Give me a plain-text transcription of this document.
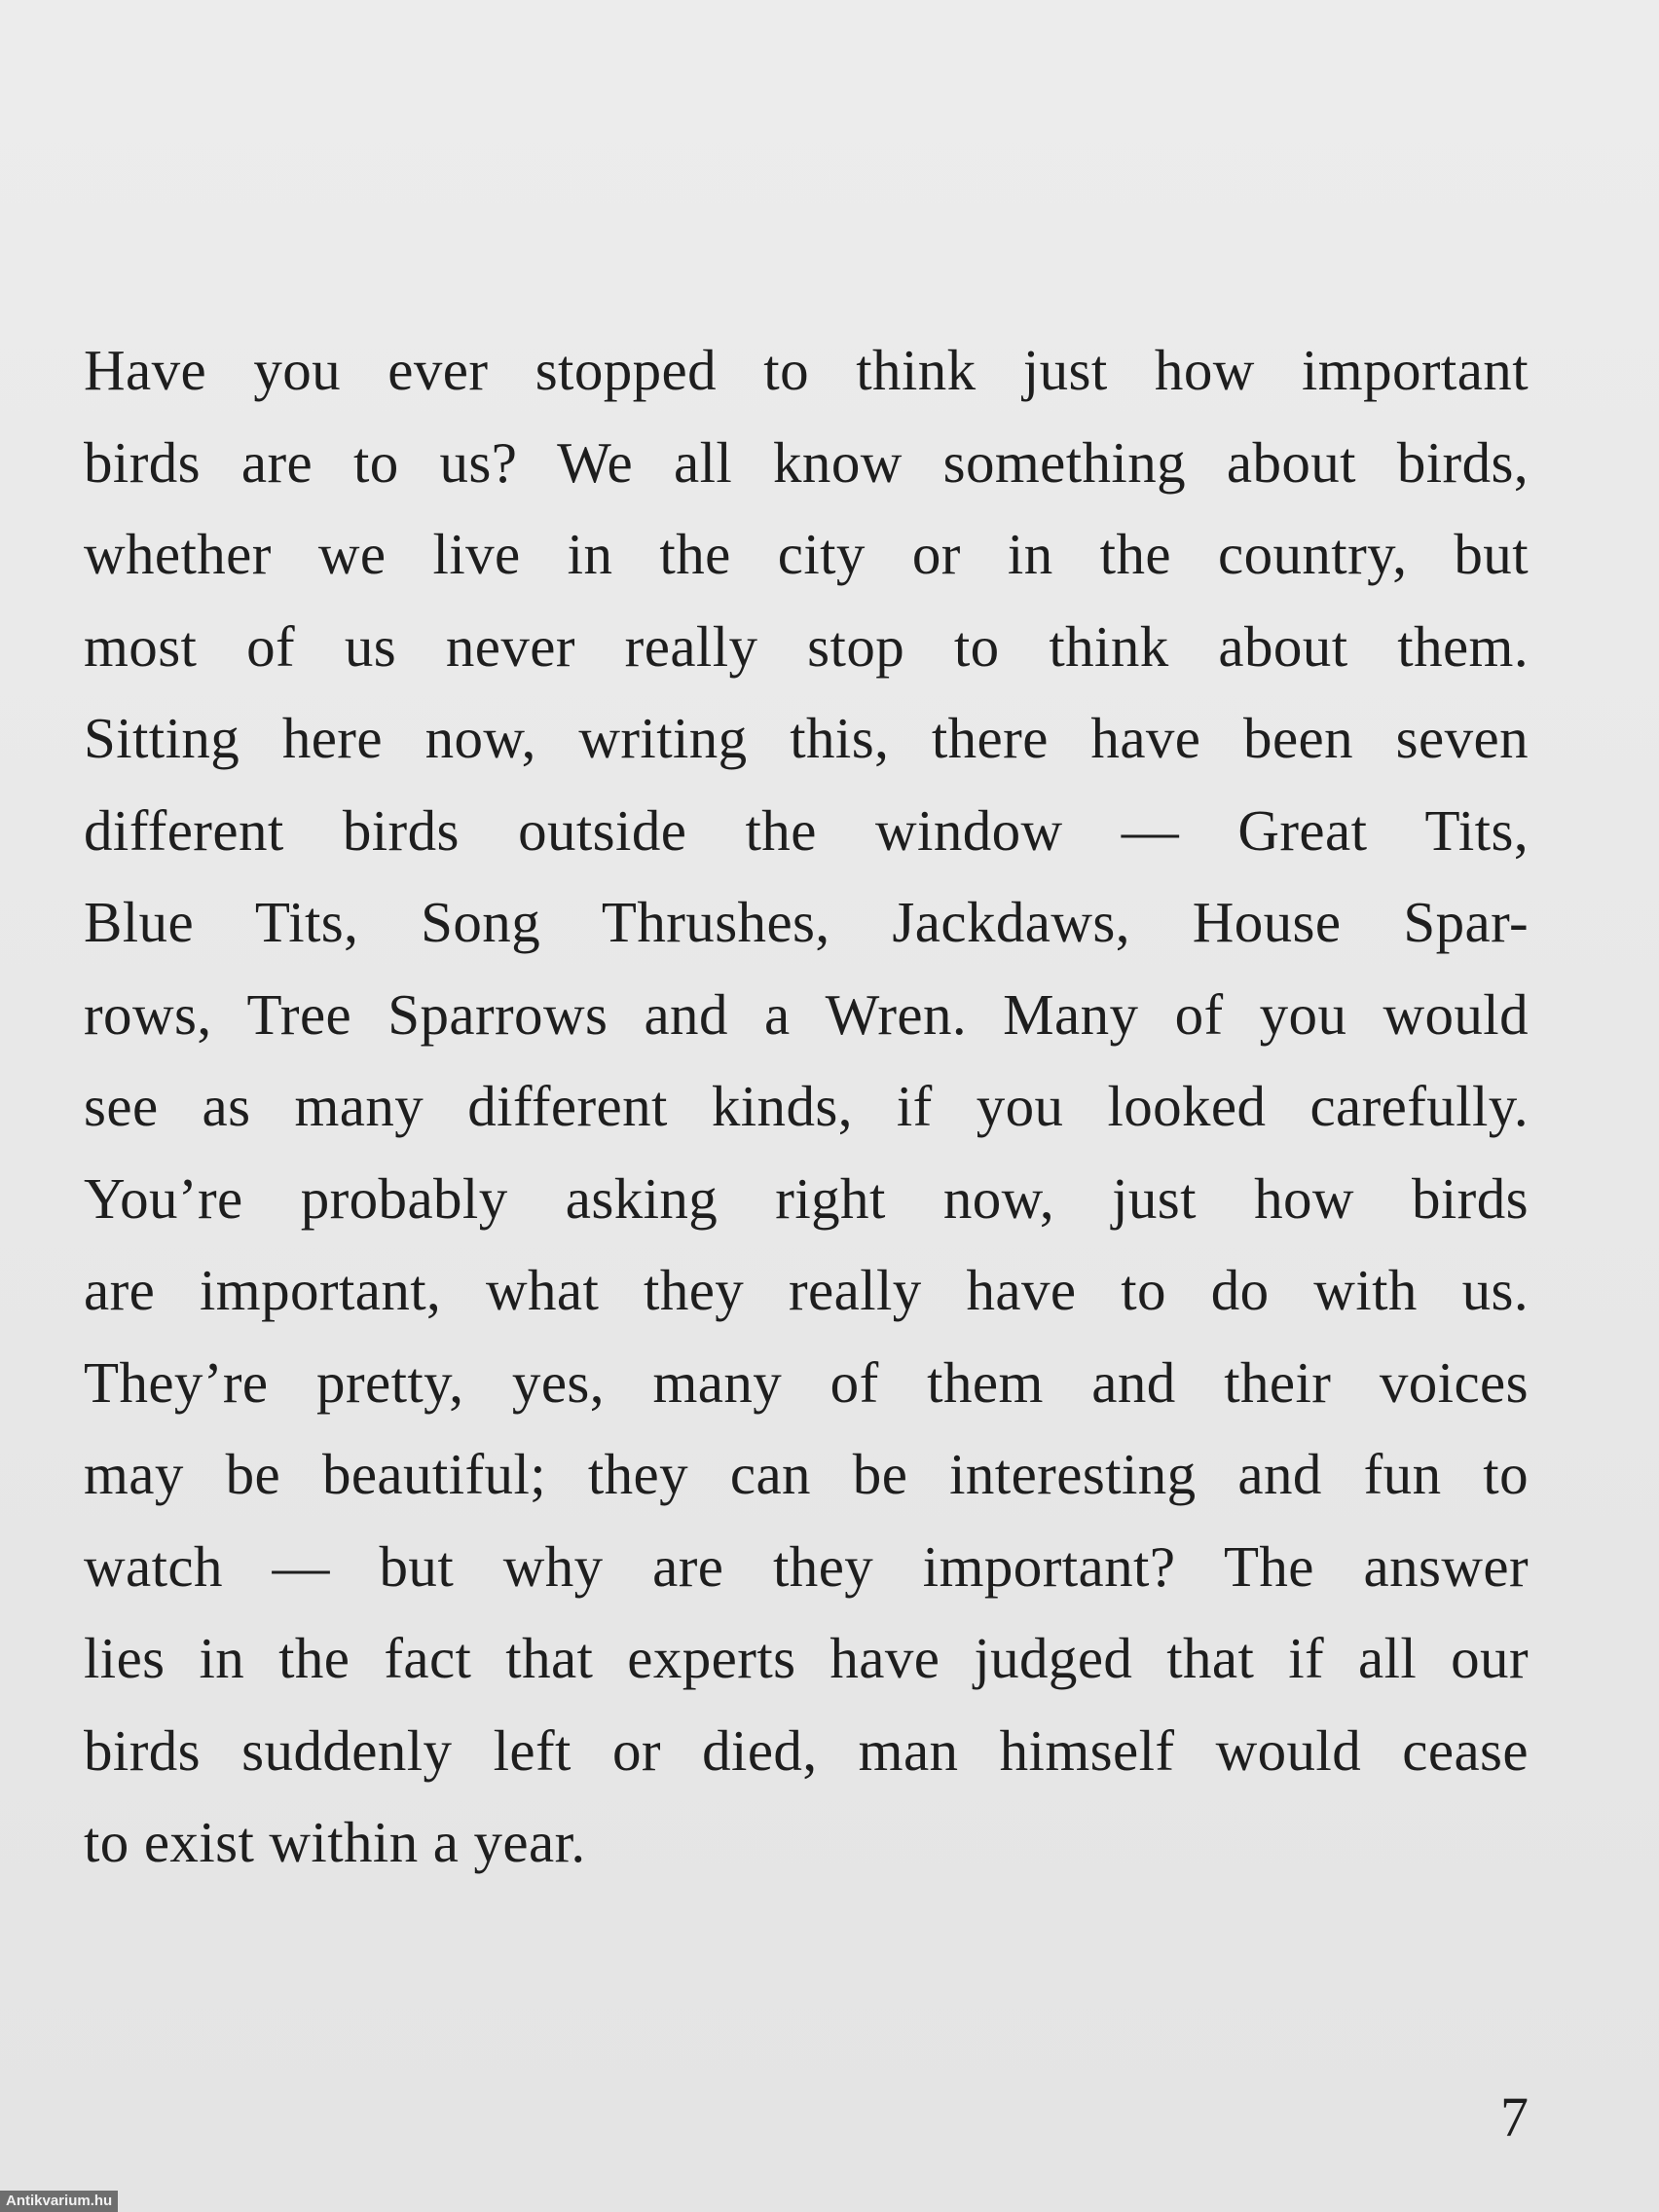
Have you ever stopped to think just how important
birds are to us? We all know something about birds,
whether we live in the city or in the country, but
most of us never really stop to think about them.
Sitting here now, writing this, there have been seven
different birds outside the window — Great Tits,
Blue Tits, Song Thrushes, Jackdaws, House Spar-
rows, Tree Sparrows and a Wren. Many of you would
see as many different kinds, if you looked carefully.
You’re probably asking right now, just how birds
are important, what they really have to do with us.
They’re pretty, yes, many of them and their voices
may be beautiful; they can be interesting and fun to
watch — but why are they important? The answer
lies in the fact that experts have judged that if all our
birds suddenly left or died, man himself would cease
to exist within a year.
7
Antikvarium.hu
